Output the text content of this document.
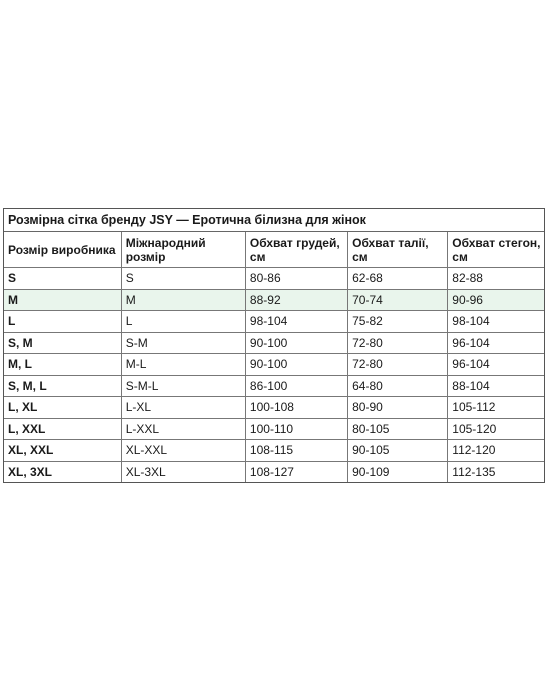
Розмірна сітка бренду JSY — Еротична білизна для жінок
Розмір виробника	Міжнародний розмір	Обхват грудей, см	Обхват талії, см	Обхват стегон, см
S	S	80-86	62-68	82-88
M	M	88-92	70-74	90-96
L	L	98-104	75-82	98-104
S, M	S-M	90-100	72-80	96-104
M, L	M-L	90-100	72-80	96-104
S, M, L	S-M-L	86-100	64-80	88-104
L, XL	L-XL	100-108	80-90	105-112
L, XXL	L-XXL	100-110	80-105	105-120
XL, XXL	XL-XXL	108-115	90-105	112-120
XL, 3XL	XL-3XL	108-127	90-109	112-135
